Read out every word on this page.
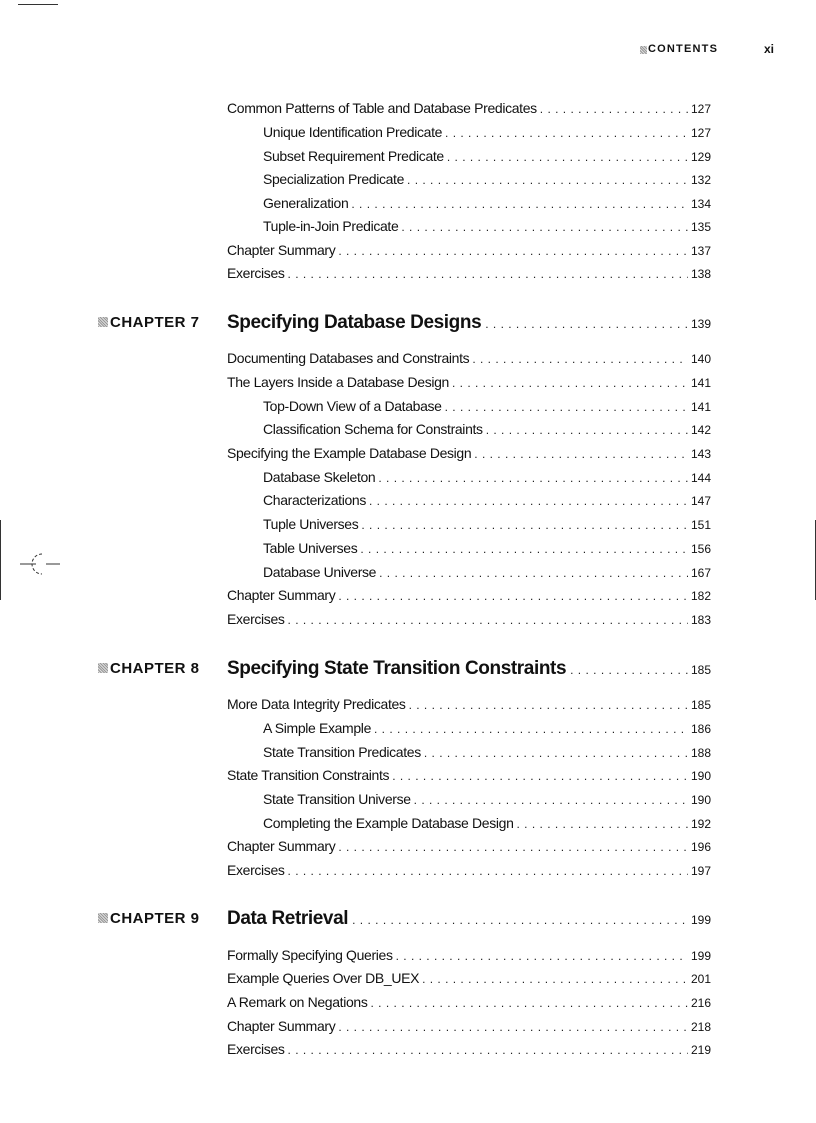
CONTENTS	xi
Common Patterns of Table and Database Predicates . . .	127
Unique Identification Predicate . . .	127
Subset Requirement Predicate . . .	129
Specialization Predicate . . .	132
Generalization . . .	134
Tuple-in-Join Predicate . . .	135
Chapter Summary . . .	137
Exercises . . .	138
CHAPTER 7 Specifying Database Designs . . .	139
Documenting Databases and Constraints . . .	140
The Layers Inside a Database Design . . .	141
Top-Down View of a Database . . .	141
Classification Schema for Constraints . . .	142
Specifying the Example Database Design . . .	143
Database Skeleton . . .	144
Characterizations . . .	147
Tuple Universes . . .	151
Table Universes . . .	156
Database Universe . . .	167
Chapter Summary . . .	182
Exercises . . .	183
CHAPTER 8 Specifying State Transition Constraints . . .	185
More Data Integrity Predicates . . .	185
A Simple Example . . .	186
State Transition Predicates . . .	188
State Transition Constraints . . .	190
State Transition Universe . . .	190
Completing the Example Database Design . . .	192
Chapter Summary . . .	196
Exercises . . .	197
CHAPTER 9 Data Retrieval . . .	199
Formally Specifying Queries . . .	199
Example Queries Over DB_UEX . . .	201
A Remark on Negations . . .	216
Chapter Summary . . .	218
Exercises . . .	219
